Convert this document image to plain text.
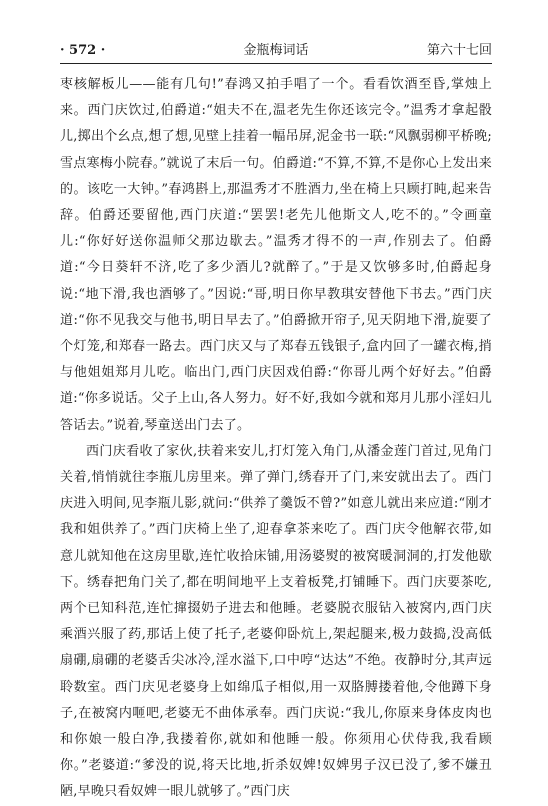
· 572 ·	金瓶梅词话	第六十七回

枣核解板儿——能有几句!”春鸿又拍手唱了一个。看看饮酒至昏,掌烛上来。西门庆饮过,伯爵道:“姐夫不在,温老先生你还该完令。”温秀才拿起骰儿,掷出个幺点,想了想,见壁上挂着一幅吊屏,泥金书一联:“风飘弱柳平桥晚;雪点寒梅小院春。”就说了末后一句。伯爵道:“不算,不算,不是你心上发出来的。该吃一大钟。”春鸿斟上,那温秀才不胜酒力,坐在椅上只顾打盹,起来告辞。伯爵还要留他,西门庆道:“罢罢!老先儿他斯文人,吃不的。”令画童儿:“你好好送你温师父那边歇去。”温秀才得不的一声,作别去了。伯爵道:“今日葵轩不济,吃了多少酒儿?就醉了。”于是又饮够多时,伯爵起身说:“地下滑,我也酒够了。”因说:“哥,明日你早教琪安替他下书去。”西门庆道:“你不见我交与他书,明日早去了。”伯爵掀开帘子,见天阴地下滑,旋要了个灯笼,和郑春一路去。西门庆又与了郑春五钱银子,盒内回了一罐衣梅,捎与他姐姐郑月儿吃。临出门,西门庆因戏伯爵:“你哥儿两个好好去。”伯爵道:“你多说话。父子上山,各人努力。好不好,我如今就和郑月儿那小淫妇儿答话去。”说着,琴童送出门去了。

西门庆看收了家伙,扶着来安儿,打灯笼入角门,从潘金莲门首过,见角门关着,悄悄就往李瓶儿房里来。弹了弹门,绣春开了门,来安就出去了。西门庆进入明间,见李瓶儿影,就问:“供养了羹饭不曾?”如意儿就出来应道:“刚才我和姐供养了。”西门庆椅上坐了,迎春拿茶来吃了。西门庆令他解衣带,如意儿就知他在这房里歇,连忙收拾床铺,用汤婆熨的被窝暖洞洞的,打发他歇下。绣春把角门关了,都在明间地平上支着板凳,打铺睡下。西门庆要茶吃,两个已知科范,连忙撺掇奶子进去和他睡。老婆脱衣服钻入被窝内,西门庆乘酒兴服了药,那话上使了托子,老婆仰卧炕上,架起腿来,极力鼓捣,没高低扇硼,扇硼的老婆舌尖冰冷,淫水溢下,口中哼“达达”不绝。夜静时分,其声远聆数室。西门庆见老婆身上如绵瓜子相似,用一双胳膊搂着他,令他蹲下身子,在被窝内咂吧,老婆无不曲体承奉。西门庆说:“我儿,你原来身体皮肉也和你娘一般白净,我搂着你,就如和他睡一般。你须用心伏侍我,我看顾你。”老婆道:“爹没的说,将天比地,折杀奴婢!奴婢男子汉已没了,爹不嫌丑陋,早晚只看奴婢一眼儿就够了。”西门庆
